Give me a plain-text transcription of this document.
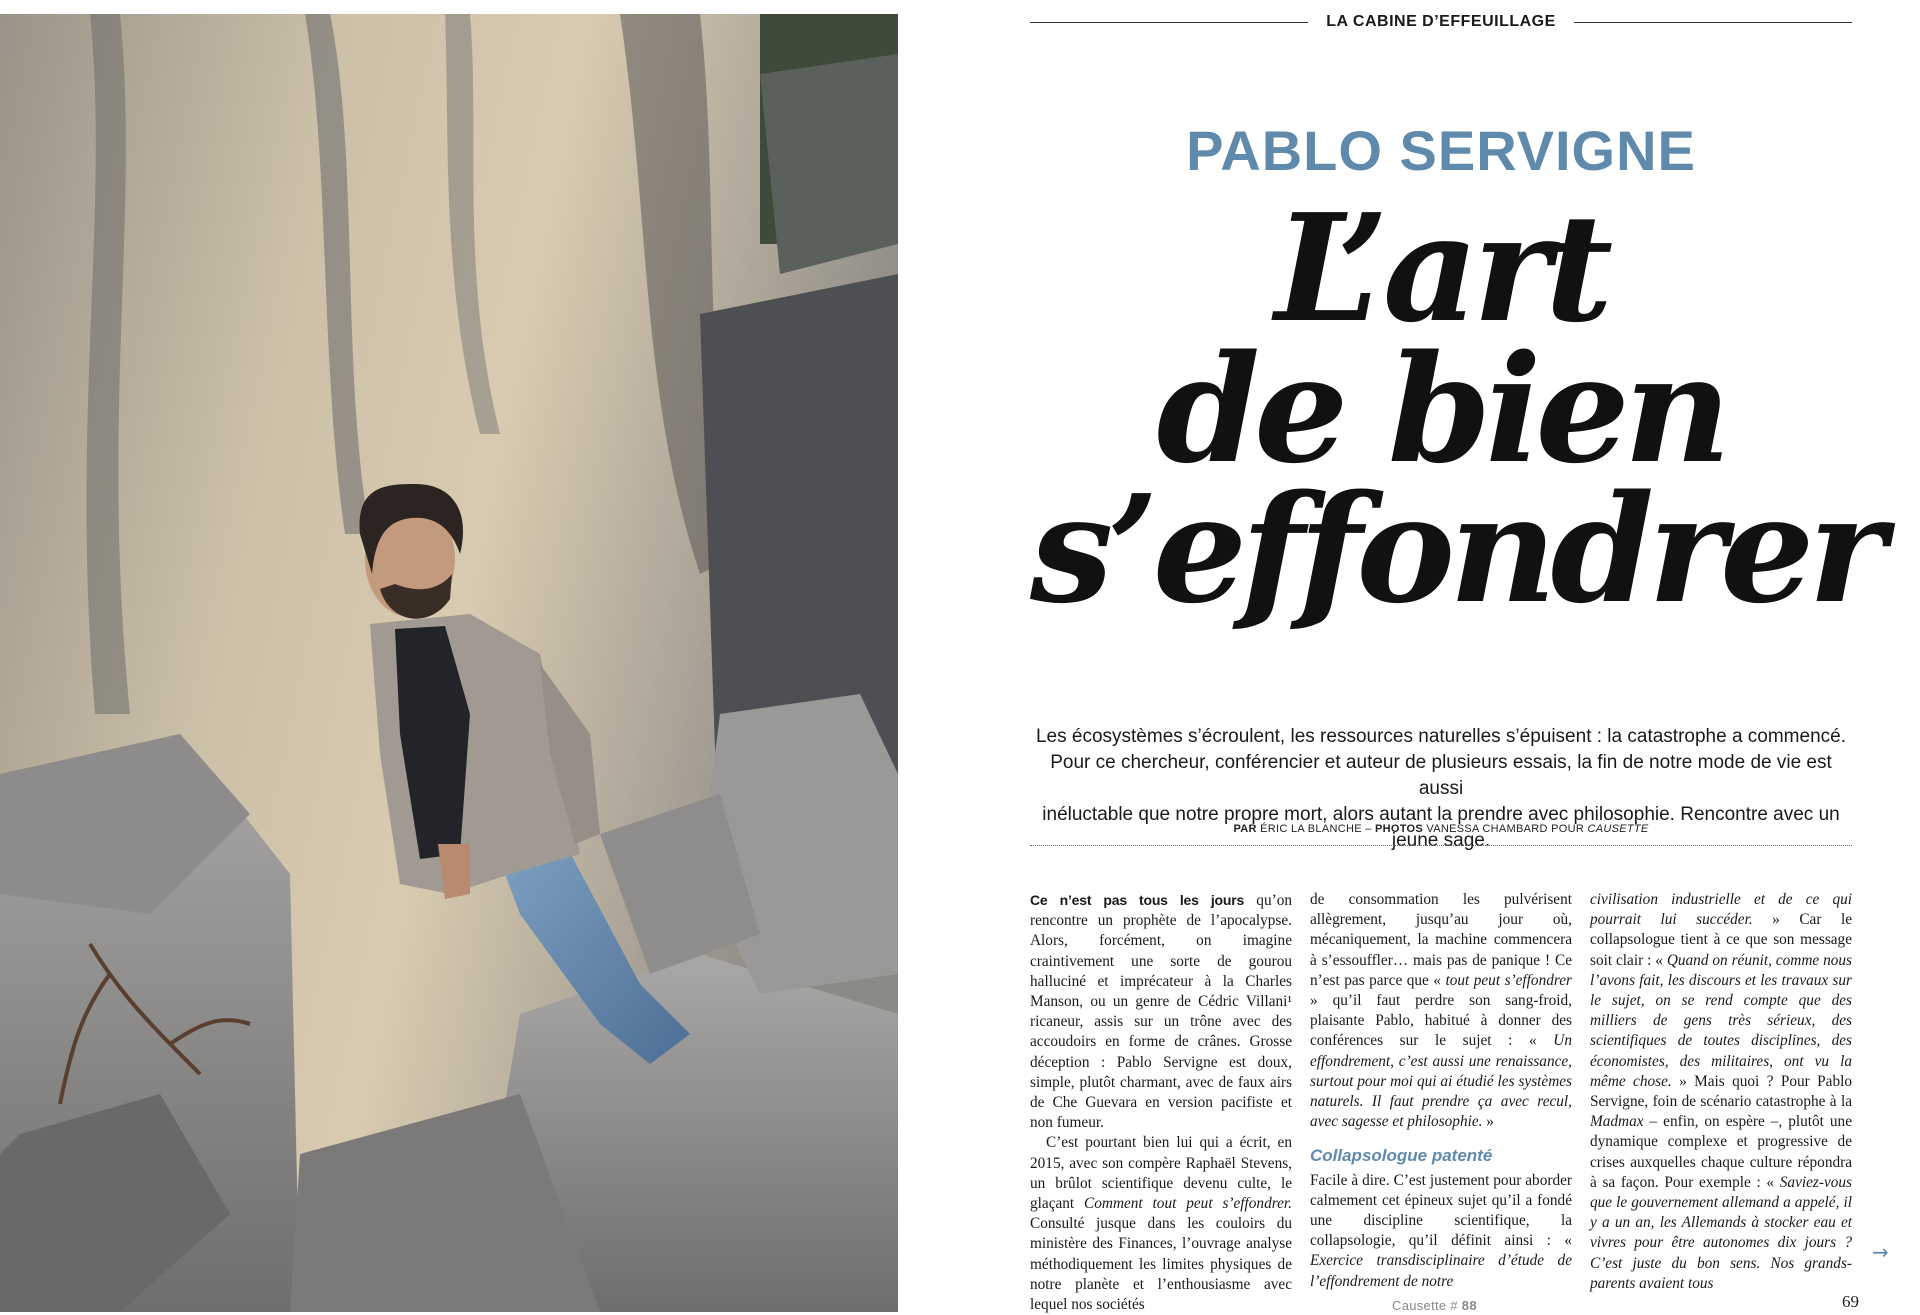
LA CABINE D’EFFEUILLAGE
PABLO SERVIGNE
L’art
de bien
s’effondrer
Les écosystèmes s’écroulent, les ressources naturelles s’épuisent : la catastrophe a commencé.
Pour ce chercheur, conférencier et auteur de plusieurs essais, la fin de notre mode de vie est aussi
inéluctable que notre propre mort, alors autant la prendre avec philosophie. Rencontre avec un jeune sage.
PAR ÉRIC LA BLANCHE – PHOTOS VANESSA CHAMBARD POUR CAUSETTE

Ce n’est pas tous les jours qu’on rencontre un prophète de l’apocalypse. Alors, forcément, on imagine craintivement une sorte de gourou halluciné et imprécateur à la Charles Manson, ou un genre de Cédric Villani¹ ricaneur, assis sur un trône avec des accoudoirs en forme de crânes. Grosse déception : Pablo Servigne est doux, simple, plutôt charmant, avec de faux airs de Che Guevara en version pacifiste et non fumeur.

C’est pourtant bien lui qui a écrit, en 2015, avec son compère Raphaël Stevens, un brûlot scientifique devenu culte, le glaçant Comment tout peut s’effondrer. Consulté jusque dans les couloirs du ministère des Finances, l’ouvrage analyse méthodiquement les limites physiques de notre planète et l’enthousiasme avec lequel nos sociétés

de consommation les pulvérisent allègrement, jusqu’au jour où, mécaniquement, la machine commencera à s’essouffler… mais pas de panique ! Ce n’est pas parce que « tout peut s’effondrer » qu’il faut perdre son sang-froid, plaisante Pablo, habitué à donner des conférences sur le sujet : « Un effondrement, c’est aussi une renaissance, surtout pour moi qui ai étudié les systèmes naturels. Il faut prendre ça avec recul, avec sagesse et philosophie. »

Collapsologue patenté

Facile à dire. C’est justement pour aborder calmement cet épineux sujet qu’il a fondé une discipline scientifique, la collapsologie, qu’il définit ainsi : « Exercice transdisciplinaire d’étude de l’effondrement de notre

civilisation industrielle et de ce qui pourrait lui succéder. » Car le collapsologue tient à ce que son message soit clair : « Quand on réunit, comme nous l’avons fait, les discours et les travaux sur le sujet, on se rend compte que des milliers de gens très sérieux, des scientifiques de toutes disciplines, des économistes, des militaires, ont vu la même chose. » Mais quoi ? Pour Pablo Servigne, foin de scénario catastrophe à la Madmax – enfin, on espère –, plutôt une dynamique complexe et progressive de crises auxquelles chaque culture répondra à sa façon. Pour exemple : « Saviez-vous que le gouvernement allemand a appelé, il y a un an, les Allemands à stocker eau et vivres pour être autonomes dix jours ? C’est juste du bon sens. Nos grands-parents avaient tous

→
Causette # 88	69
